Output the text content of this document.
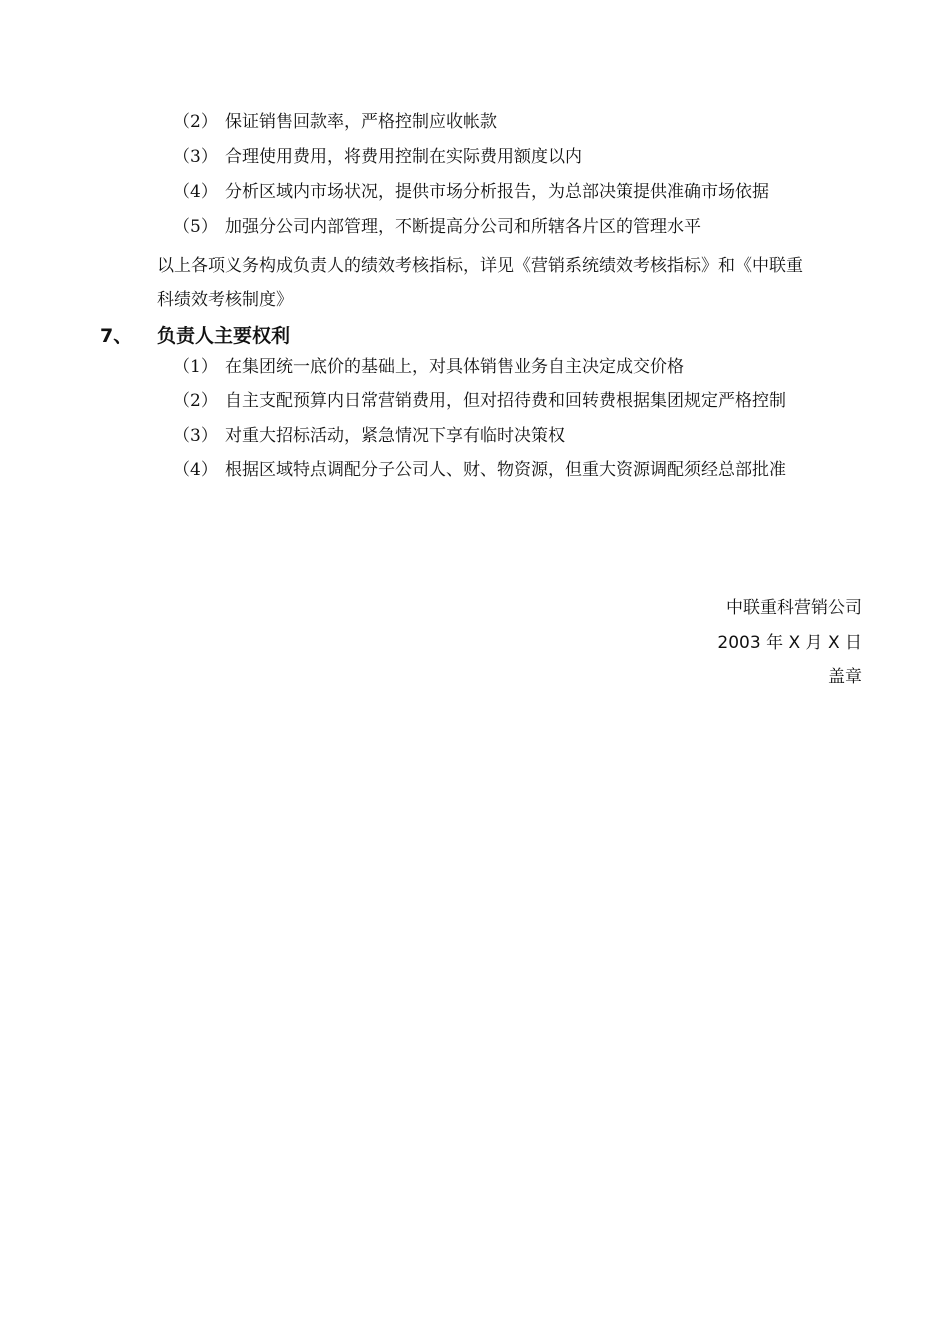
（2） 保证销售回款率，严格控制应收帐款
（3） 合理使用费用，将费用控制在实际费用额度以内
（4） 分析区域内市场状况，提供市场分析报告，为总部决策提供准确市场依据
（5） 加强分公司内部管理，不断提高分公司和所辖各片区的管理水平
以上各项义务构成负责人的绩效考核指标，详见《营销系统绩效考核指标》和《中联重
科绩效考核制度》
7、 负责人主要权利
（1） 在集团统一底价的基础上，对具体销售业务自主决定成交价格
（2） 自主支配预算内日常营销费用，但对招待费和回转费根据集团规定严格控制
（3） 对重大招标活动，紧急情况下享有临时决策权
（4） 根据区域特点调配分子公司人、财、物资源，但重大资源调配须经总部批准
中联重科营销公司
2003 年 X 月 X 日
盖章
